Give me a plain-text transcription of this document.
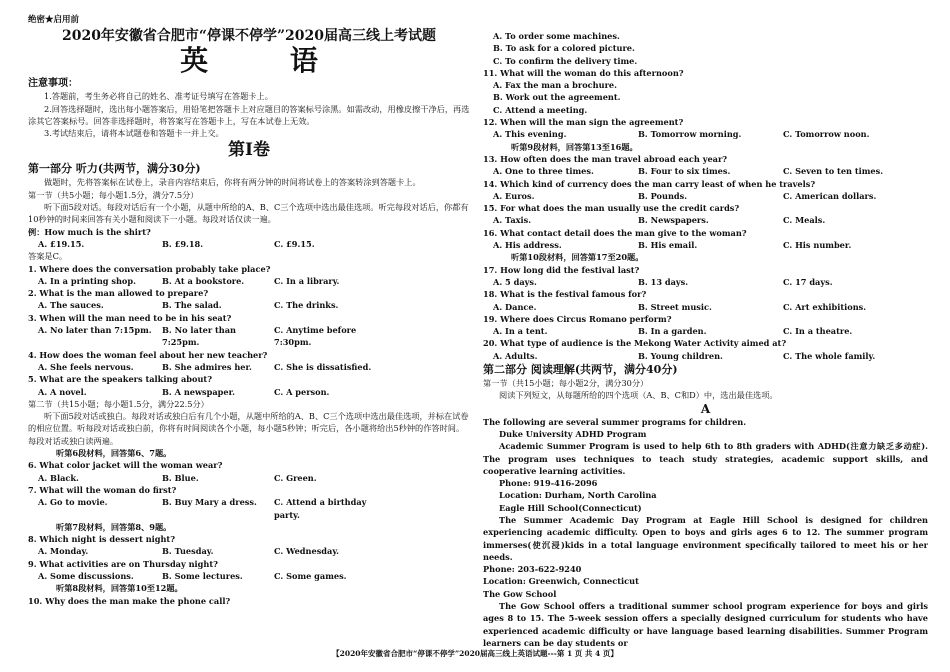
绝密★启用前
2020年安徽省合肥市“停课不停学”2020届高三线上考试题
英 语
注意事项：

1.答题前，考生务必将自己的姓名、准考证号填写在答题卡上。

2.回答选择题时，选出每小题答案后，用铅笔把答题卡上对应题目的答案标号涂黑。如需改动，用橡皮擦干净后，再选涂其它答案标号。回答非选择题时，将答案写在答题卡上，写在本试卷上无效。

3.考试结束后，请将本试题卷和答题卡一并上交。

第Ⅰ卷
第一部分 听力(共两节，满分30分)

做题时，先将答案标在试卷上，录音内容结束后，你将有两分钟的时间将试卷上的答案转涂到答题卡上。

第一节（共5小题；每小题1.5分，满分7.5分）

听下面5段对话。每段对话后有一个小题，从题中所给的A、B、C三个选项中选出最佳选项。听完每段对话后，你都有10秒钟的时间来回答有关小题和阅读下一小题。每段对话仅读一遍。

例：How much is the shirt?
A. £19.15.	B. £9.18.	C. £9.15.
答案是C。
1. Where does the conversation probably take place?
A. In a printing shop.	B. At a bookstore.	C. In a library.
2. What is the man allowed to prepare?
A. The sauces.	B. The salad.	C. The drinks.
3. When will the man need to be in his seat?
A. No later than 7:15pm.	B. No later than 7:25pm.
C. Anytime before 7:30pm.
4. How does the woman feel about her new teacher?
A. She feels nervous.	B. She admires her.	C. She is dissatisfied.
5. What are the speakers talking about?
A. A novel.	B. A newspaper.	C. A person.
第二节（共15小题；每小题1.5分，满分22.5分）

听下面5段对话或独白。每段对话或独白后有几个小题，从题中所给的A、B、C三个选项中选出最佳选项，并标在试卷的相应位置。听每段对话或独白前，你将有时间阅读各个小题，每小题5秒钟；听完后，各小题将给出5秒钟的作答时间。每段对话或独白读两遍。

听第6段材料，回答第6、7题。
6. What color jacket will the woman wear?
A. Black.	B. Blue.	C. Green.
7. What will the woman do first?
A. Go to movie.	B. Buy Mary a dress.	C. Attend a birthday party.
听第7段材料，回答第8、9题。
8. Which night is dessert night?
A. Monday.	B. Tuesday.	C. Wednesday.
9. What activities are on Thursday night?
A. Some discussions.	B. Some lectures.	C. Some games.
听第8段材料，回答第10至12题。
10. Why does the man make the phone call?
A. To order some machines.
B. To ask for a colored picture.
C. To confirm the delivery time.
11. What will the woman do this afternoon?
A. Fax the man a brochure.
B. Work out the agreement.
C. Attend a meeting.
12. When will the man sign the agreement?
A. This evening.	B. Tomorrow morning.	C. Tomorrow noon.
听第9段材料，回答第13至16题。
13. How often does the man travel abroad each year?
A. One to three times.	B. Four to six times.	C. Seven to ten times.
14. Which kind of currency does the man carry least of when he travels?
A. Euros.	B. Pounds.	C. American dollars.
15. For what does the man usually use the credit cards?
A. Taxis.	B. Newspapers.	C. Meals.
16. What contact detail does the man give to the woman?
A. His address.	B. His email.	C. His number.
听第10段材料，回答第17至20题。
17. How long did the festival last?
A. 5 days.	B. 13 days.	C. 17 days.
18. What is the festival famous for?
A. Dance.	B. Street music.	C. Art exhibitions.
19. Where does Circus Romano perform?
A. In a tent.	B. In a garden.	C. In a theatre.
20. What type of audience is the Mekong Water Activity aimed at?
A. Adults.	B. Young children.	C. The whole family.
第二部分 阅读理解(共两节，满分40分)
第一节（共15小题；每小题2分，满分30分）

阅读下列短文，从每题所给的四个选项（A、B、C和D）中，选出最佳选项。

A

The following are several summer programs for children.

Duke University ADHD Program

Academic Summer Program is used to help 6th to 8th graders with ADHD(注意力缺乏多动症). The program uses techniques to teach study strategies, academic support skills, and cooperative learning activities.

Phone: 919-416-2096

Location: Durham, North Carolina

Eagle Hill School(Connecticut)

The Summer Academic Day Program at Eagle Hill School is designed for children experiencing academic difficulty. Open to boys and girls ages 6 to 12. The summer program immerses(使沉浸)kids in a total language environment specifically tailored to meet his or her needs.

Phone: 203-622-9240

Location: Greenwich, Connecticut

The Gow School

The Gow School offers a traditional summer school program experience for boys and girls ages 8 to 15. The 5-week session offers a specially designed curriculum for students who have experienced academic difficulty or have language based learning disabilities. Summer Program learners can be day students or

【2020年安徽省合肥市“停课不停学”2020届高三线上英语试题---第 1 页 共 4 页】
